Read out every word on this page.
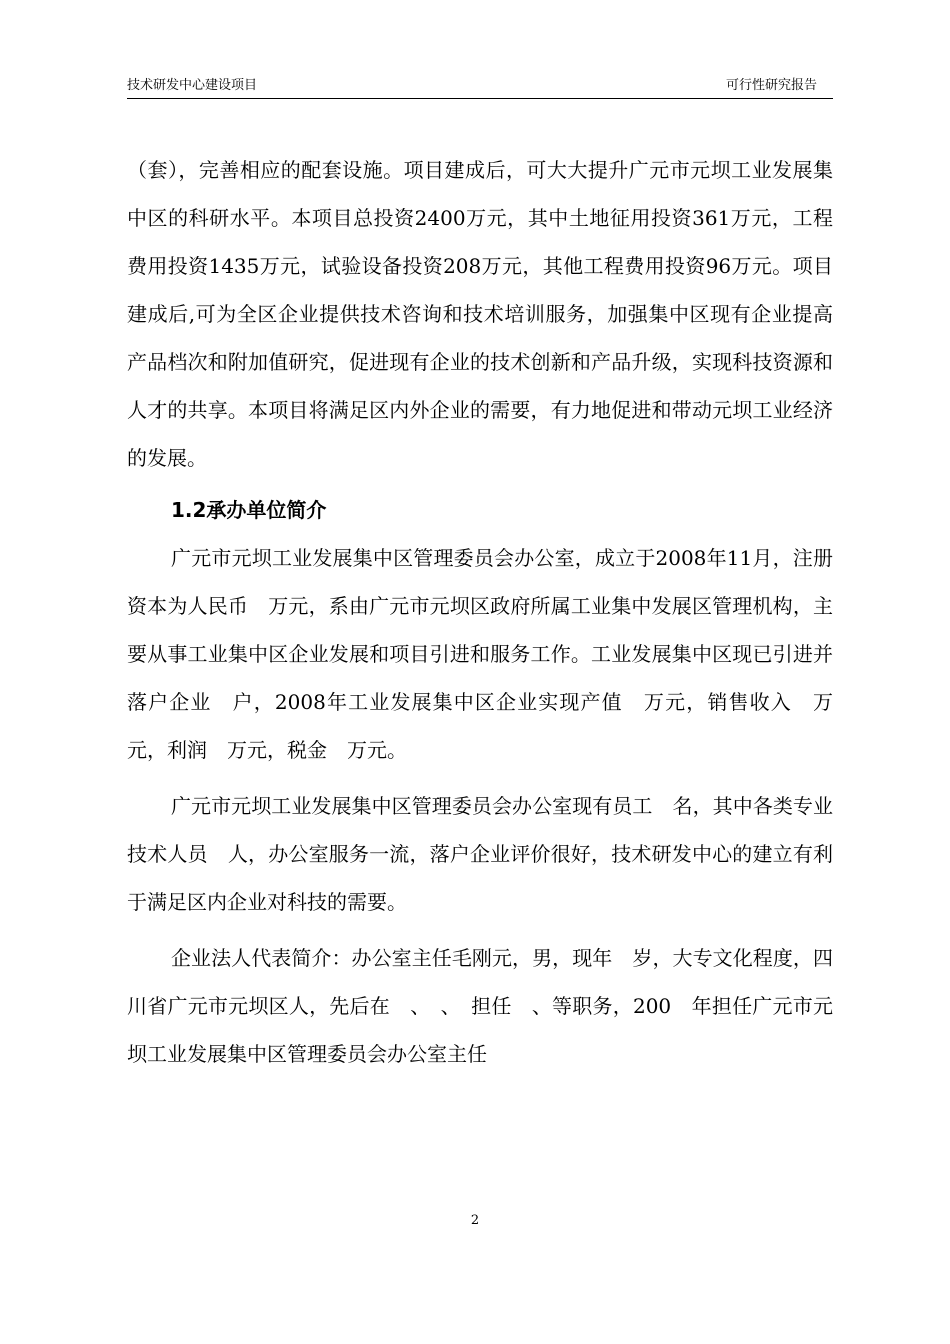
技术研发中心建设项目	可行性研究报告

（套），完善相应的配套设施。项目建成后，可大大提升广元市元坝工业发展集中区的科研水平。本项目总投资2400万元，其中土地征用投资361万元，工程费用投资1435万元，试验设备投资208万元，其他工程费用投资96万元。项目建成后,可为全区企业提供技术咨询和技术培训服务，加强集中区现有企业提高产品档次和附加值研究，促进现有企业的技术创新和产品升级，实现科技资源和人才的共享。本项目将满足区内外企业的需要，有力地促进和带动元坝工业经济的发展。

1.2承办单位简介

广元市元坝工业发展集中区管理委员会办公室，成立于2008年11月，注册资本为人民币　万元，系由广元市元坝区政府所属工业集中发展区管理机构，主要从事工业集中区企业发展和项目引进和服务工作。工业发展集中区现已引进并落户企业　户，2008年工业发展集中区企业实现产值　万元，销售收入　万元，利润　万元，税金　万元。

广元市元坝工业发展集中区管理委员会办公室现有员工　名，其中各类专业技术人员　人，办公室服务一流，落户企业评价很好，技术研发中心的建立有利于满足区内企业对科技的需要。

企业法人代表简介：办公室主任毛刚元，男，现年　岁，大专文化程度，四川省广元市元坝区人，先后在　、　、　担任　、等职务，200　年担任广元市元坝工业发展集中区管理委员会办公室主任

2
